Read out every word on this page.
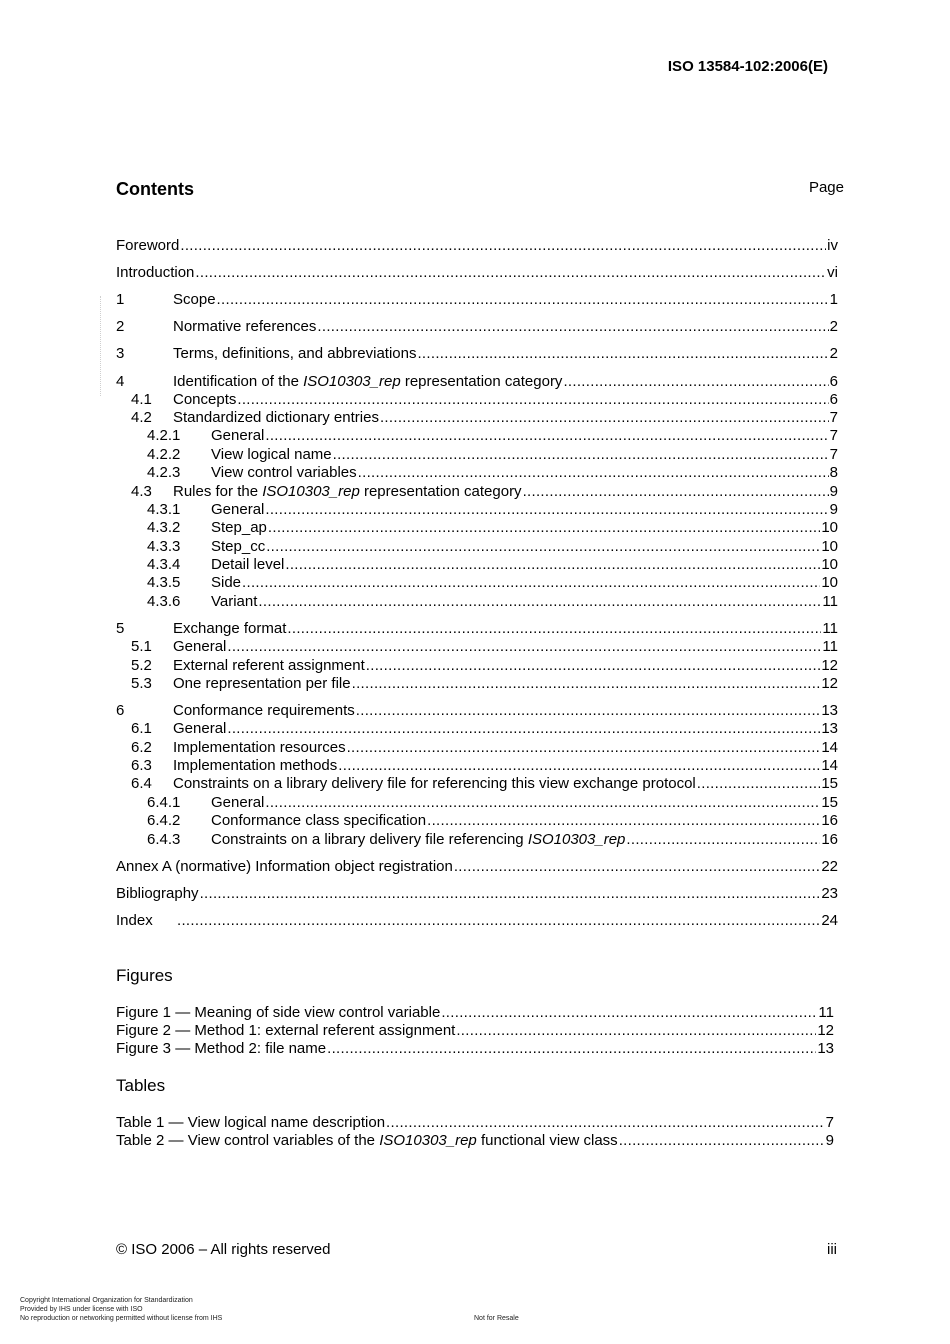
ISO 13584-102:2006(E)
Contents	Page
Foreword .....	iv
Introduction .....	vi
1	Scope .....	1
2	Normative references .....	2
3	Terms, definitions, and abbreviations .....	2
4	Identification of the ISO10303_rep representation category .....	6
4.1 Concepts .....	6
4.2 Standardized dictionary entries .....	7
4.2.1 General .....	7
4.2.2 View logical name .....	7
4.2.3 View control variables .....	8
4.3 Rules for the ISO10303_rep representation category .....	9
4.3.1 General .....	9
4.3.2 Step_ap .....	10
4.3.3 Step_cc .....	10
4.3.4 Detail level .....	10
4.3.5 Side .....	10
4.3.6 Variant .....	11
5	Exchange format .....	11
5.1 General .....	11
5.2 External referent assignment .....	12
5.3 One representation per file .....	12
6	Conformance requirements .....	13
6.1 General .....	13
6.2 Implementation resources .....	14
6.3 Implementation methods .....	14
6.4 Constraints on a library delivery file for referencing this view exchange protocol .....	15
6.4.1 General .....	15
6.4.2 Conformance class specification .....	16
6.4.3 Constraints on a library delivery file referencing ISO10303_rep .....	16
Annex A (normative) Information object registration .....	22
Bibliography .....	23
Index .....	24
Figures
Figure 1 — Meaning of side view control variable .....	11
Figure 2 — Method 1: external referent assignment .....	12
Figure 3 — Method 2: file name .....	13
Tables
Table 1 — View logical name description .....	7
Table 2 — View control variables of the ISO10303_rep functional view class .....	9
© ISO 2006 – All rights reserved	iii
Copyright International Organization for Standardization
Provided by IHS under license with ISO
No reproduction or networking permitted without license from IHS	Not for Resale
